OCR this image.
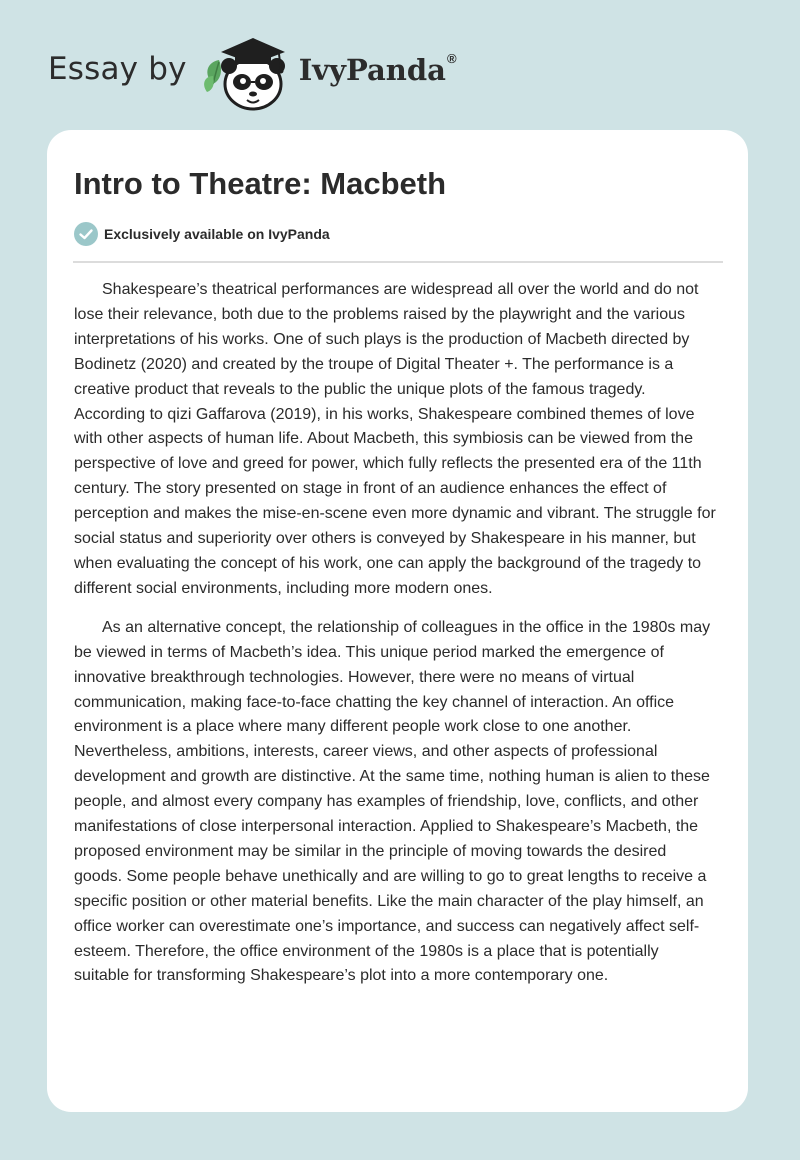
Essay by	IvyPanda®
Intro to Theatre: Macbeth
Exclusively available on IvyPanda

Shakespeare’s theatrical performances are widespread all over the world and do not lose their relevance, both due to the problems raised by the playwright and the various interpretations of his works. One of such plays is the production of Macbeth directed by Bodinetz (2020) and created by the troupe of Digital Theater +. The performance is a creative product that reveals to the public the unique plots of the famous tragedy. According to qizi Gaffarova (2019), in his works, Shakespeare combined themes of love with other aspects of human life. About Macbeth, this symbiosis can be viewed from the perspective of love and greed for power, which fully reflects the presented era of the 11th century. The story presented on stage in front of an audience enhances the effect of perception and makes the mise-en-scene even more dynamic and vibrant. The struggle for social status and superiority over others is conveyed by Shakespeare in his manner, but when evaluating the concept of his work, one can apply the background of the tragedy to different social environments, including more modern ones.

As an alternative concept, the relationship of colleagues in the office in the 1980s may be viewed in terms of Macbeth’s idea. This unique period marked the emergence of innovative breakthrough technologies. However, there were no means of virtual communication, making face-to-face chatting the key channel of interaction. An office environment is a place where many different people work close to one another. Nevertheless, ambitions, interests, career views, and other aspects of professional development and growth are distinctive. At the same time, nothing human is alien to these people, and almost every company has examples of friendship, love, conflicts, and other manifestations of close interpersonal interaction. Applied to Shakespeare’s Macbeth, the proposed environment may be similar in the principle of moving towards the desired goods. Some people behave unethically and are willing to go to great lengths to receive a specific position or other material benefits. Like the main character of the play himself, an office worker can overestimate one’s importance, and success can negatively affect self-esteem. Therefore, the office environment of the 1980s is a place that is potentially suitable for transforming Shakespeare’s plot into a more contemporary one.
